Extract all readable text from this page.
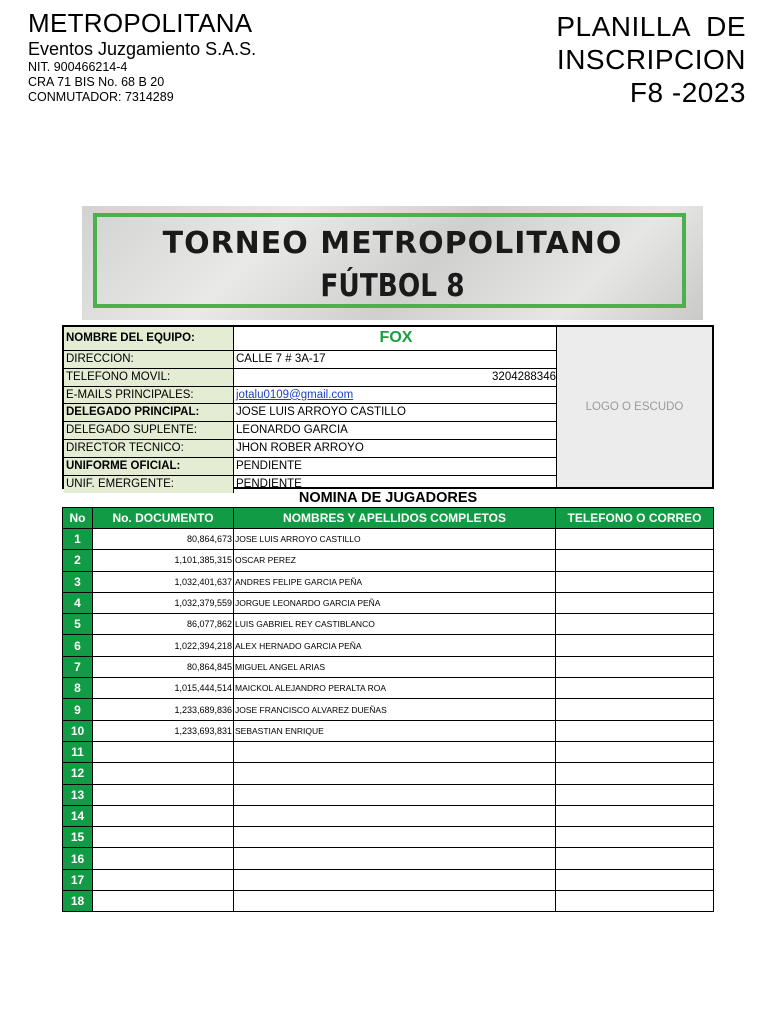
METROPOLITANA
Eventos Juzgamiento S.A.S.
NIT. 900466214-4
CRA 71 BIS No. 68 B 20
CONMUTADOR: 7314289
PLANILLA  DE
INSCRIPCION
F8 -2023
TORNEO METROPOLITANO
FÚTBOL 8
NOMBRE DEL EQUIPO:	FOX
DIRECCION:	CALLE 7 # 3A-17
TELEFONO MOVIL:	3204288346
E-MAILS PRINCIPALES:	jotalu0109@gmail.com
DELEGADO PRINCIPAL:	JOSE LUIS ARROYO CASTILLO
DELEGADO SUPLENTE:	LEONARDO GARCIA
DIRECTOR TECNICO:	JHON ROBER ARROYO
UNIFORME OFICIAL:	PENDIENTE
UNIF. EMERGENTE:	PENDIENTE
LOGO O ESCUDO
NOMINA DE JUGADORES
No	No. DOCUMENTO	NOMBRES Y APELLIDOS COMPLETOS	TELEFONO O CORREO
1	80,864,673	JOSE LUIS ARROYO CASTILLO	
2	1,101,385,315	OSCAR PEREZ	
3	1,032,401,637	ANDRES FELIPE GARCIA PEÑA	
4	1,032,379,559	JORGUE LEONARDO GARCIA PEÑA	
5	86,077,862	LUIS GABRIEL REY CASTIBLANCO	
6	1,022,394,218	ALEX HERNADO GARCIA PEÑA	
7	80,864,845	MIGUEL ANGEL ARIAS	
8	1,015,444,514	MAICKOL ALEJANDRO PERALTA ROA	
9	1,233,689,836	JOSE FRANCISCO ALVAREZ DUEÑAS	
10	1,233,693,831	SEBASTIAN ENRIQUE	
11			
12			
13			
14			
15			
16			
17			
18			
